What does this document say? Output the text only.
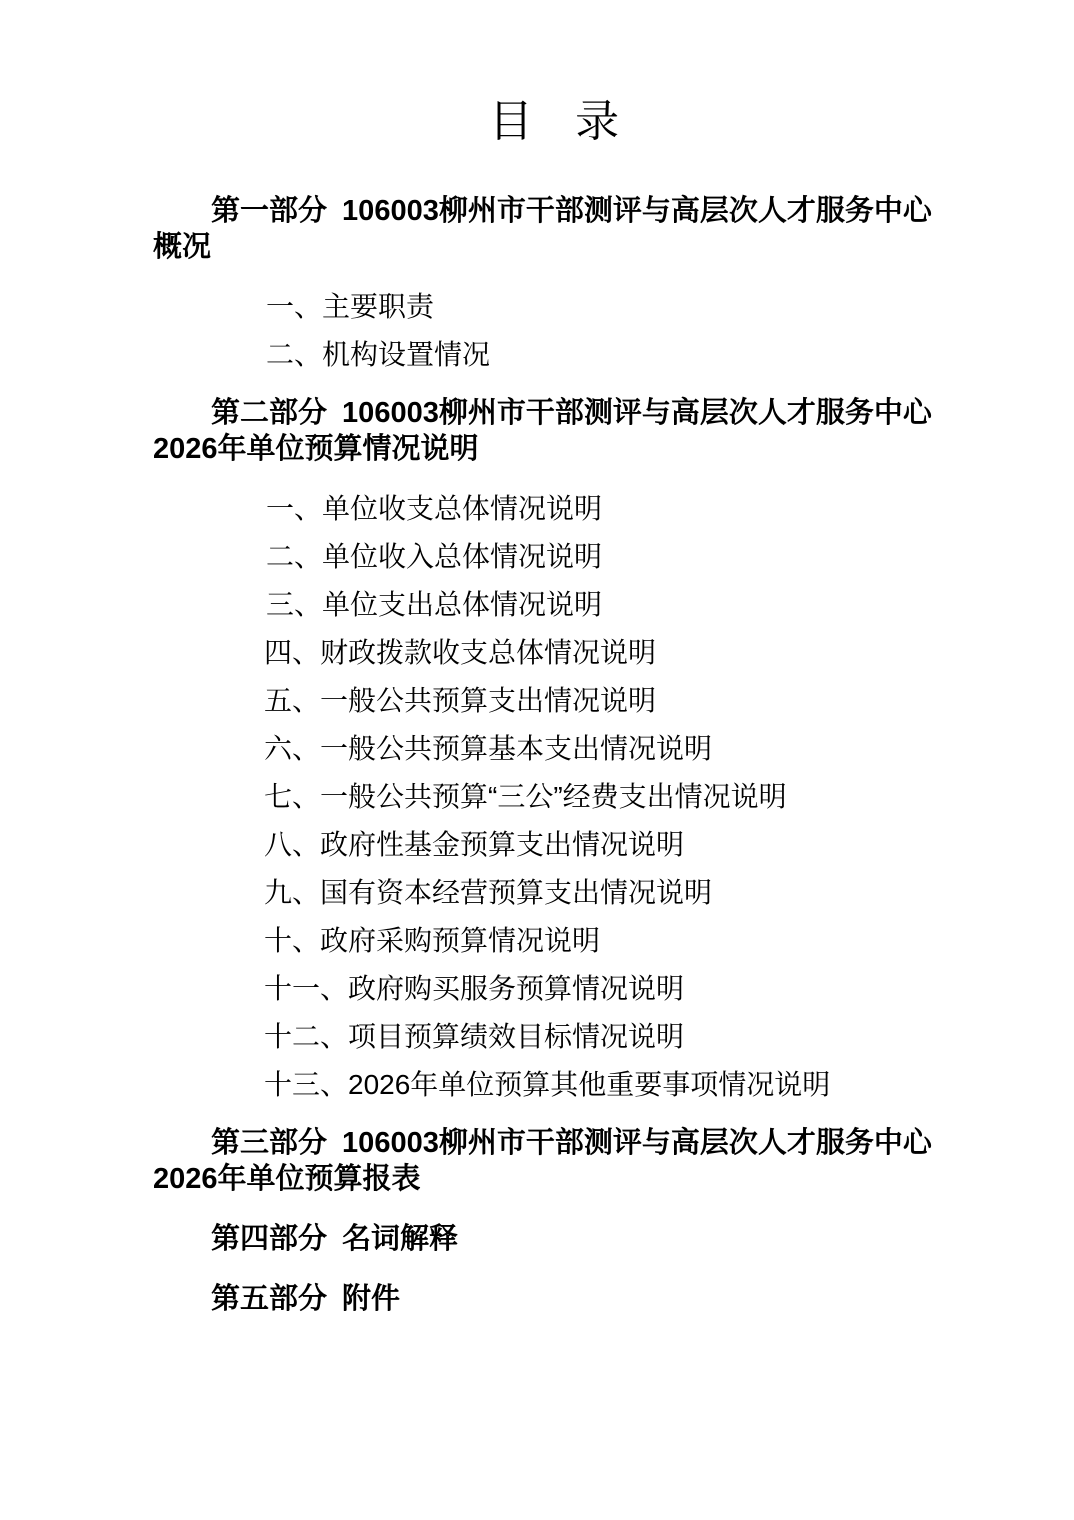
目 录
第一部分 106003柳州市干部测评与高层次人才服务中心概况
一、主要职责
二、机构设置情况
第二部分 106003柳州市干部测评与高层次人才服务中心2026年单位预算情况说明
一、单位收支总体情况说明
二、单位收入总体情况说明
三、单位支出总体情况说明
四、财政拨款收支总体情况说明
五、一般公共预算支出情况说明
六、一般公共预算基本支出情况说明
七、一般公共预算“三公”经费支出情况说明
八、政府性基金预算支出情况说明
九、国有资本经营预算支出情况说明
十、政府采购预算情况说明
十一、政府购买服务预算情况说明
十二、项目预算绩效目标情况说明
十三、2026年单位预算其他重要事项情况说明
第三部分 106003柳州市干部测评与高层次人才服务中心2026年单位预算报表
第四部分 名词解释
第五部分 附件
